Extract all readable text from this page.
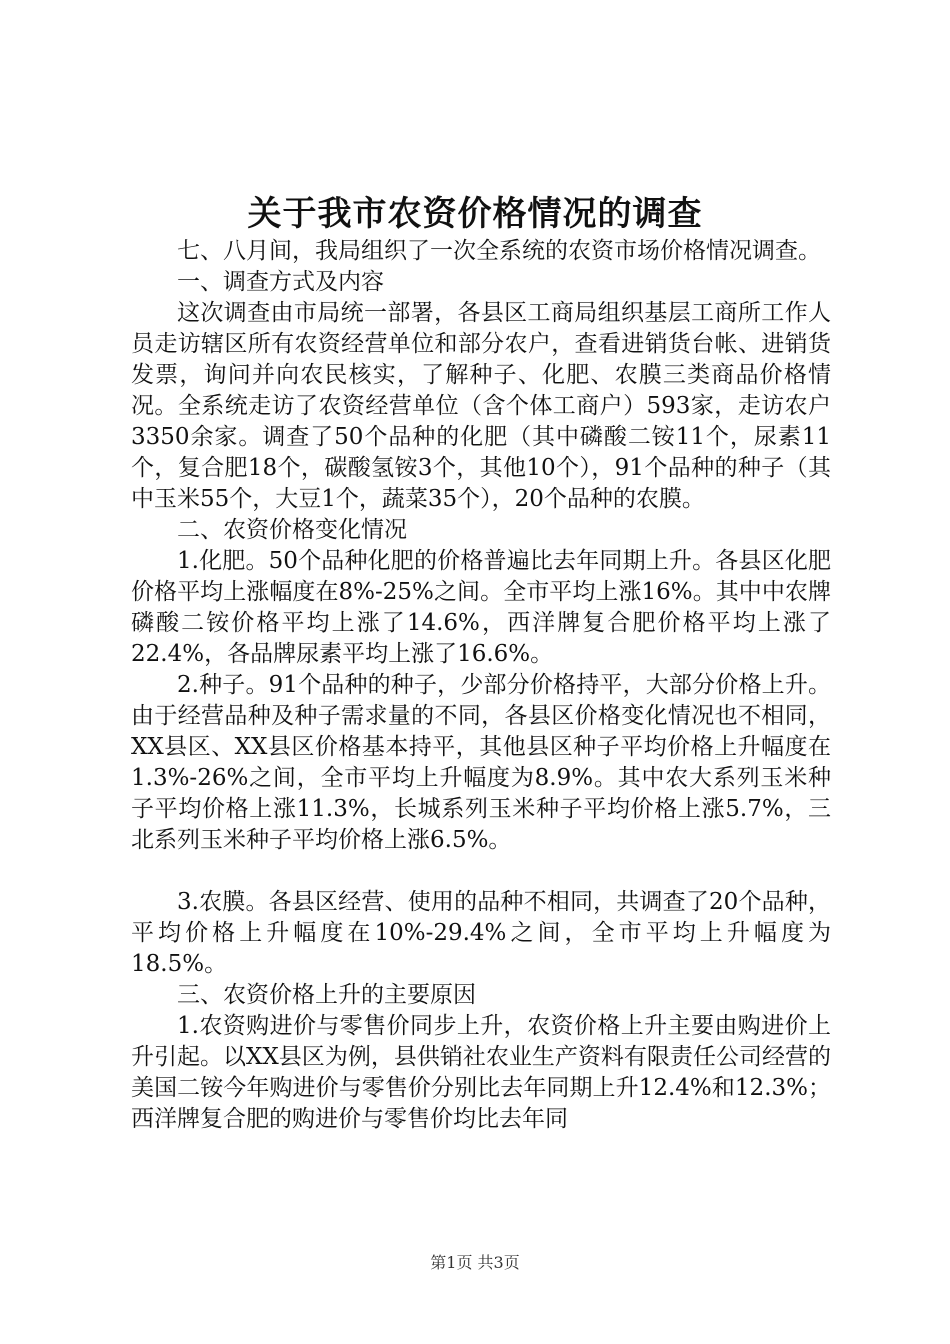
关于我市农资价格情况的调查

七、八月间，我局组织了一次全系统的农资市场价格情况调查。

一、调查方式及内容

这次调查由市局统一部署，各县区工商局组织基层工商所工作人员走访辖区所有农资经营单位和部分农户，查看进销货台帐、进销货发票，询问并向农民核实，了解种子、化肥、农膜三类商品价格情况。全系统走访了农资经营单位（含个体工商户）593家，走访农户3350余家。调查了50个品种的化肥（其中磷酸二铵11个，尿素11个，复合肥18个，碳酸氢铵3个，其他10个），91个品种的种子（其中玉米55个，大豆1个，蔬菜35个），20个品种的农膜。

二、农资价格变化情况

1.化肥。50个品种化肥的价格普遍比去年同期上升。各县区化肥价格平均上涨幅度在8%-25%之间。全市平均上涨16%。其中中农牌磷酸二铵价格平均上涨了14.6%，西洋牌复合肥价格平均上涨了22.4%，各品牌尿素平均上涨了16.6%。

2.种子。91个品种的种子，少部分价格持平，大部分价格上升。由于经营品种及种子需求量的不同，各县区价格变化情况也不相同，XX县区、XX县区价格基本持平，其他县区种子平均价格上升幅度在1.3%-26%之间，全市平均上升幅度为8.9%。其中农大系列玉米种子平均价格上涨11.3%，长城系列玉米种子平均价格上涨5.7%，三北系列玉米种子平均价格上涨6.5%。

3.农膜。各县区经营、使用的品种不相同，共调查了20个品种，平均价格上升幅度在10%-29.4%之间，全市平均上升幅度为18.5%。

三、农资价格上升的主要原因

1.农资购进价与零售价同步上升，农资价格上升主要由购进价上升引起。以XX县区为例，县供销社农业生产资料有限责任公司经营的美国二铵今年购进价与零售价分别比去年同期上升12.4%和12.3%；西洋牌复合肥的购进价与零售价均比去年同

第1页 共3页
